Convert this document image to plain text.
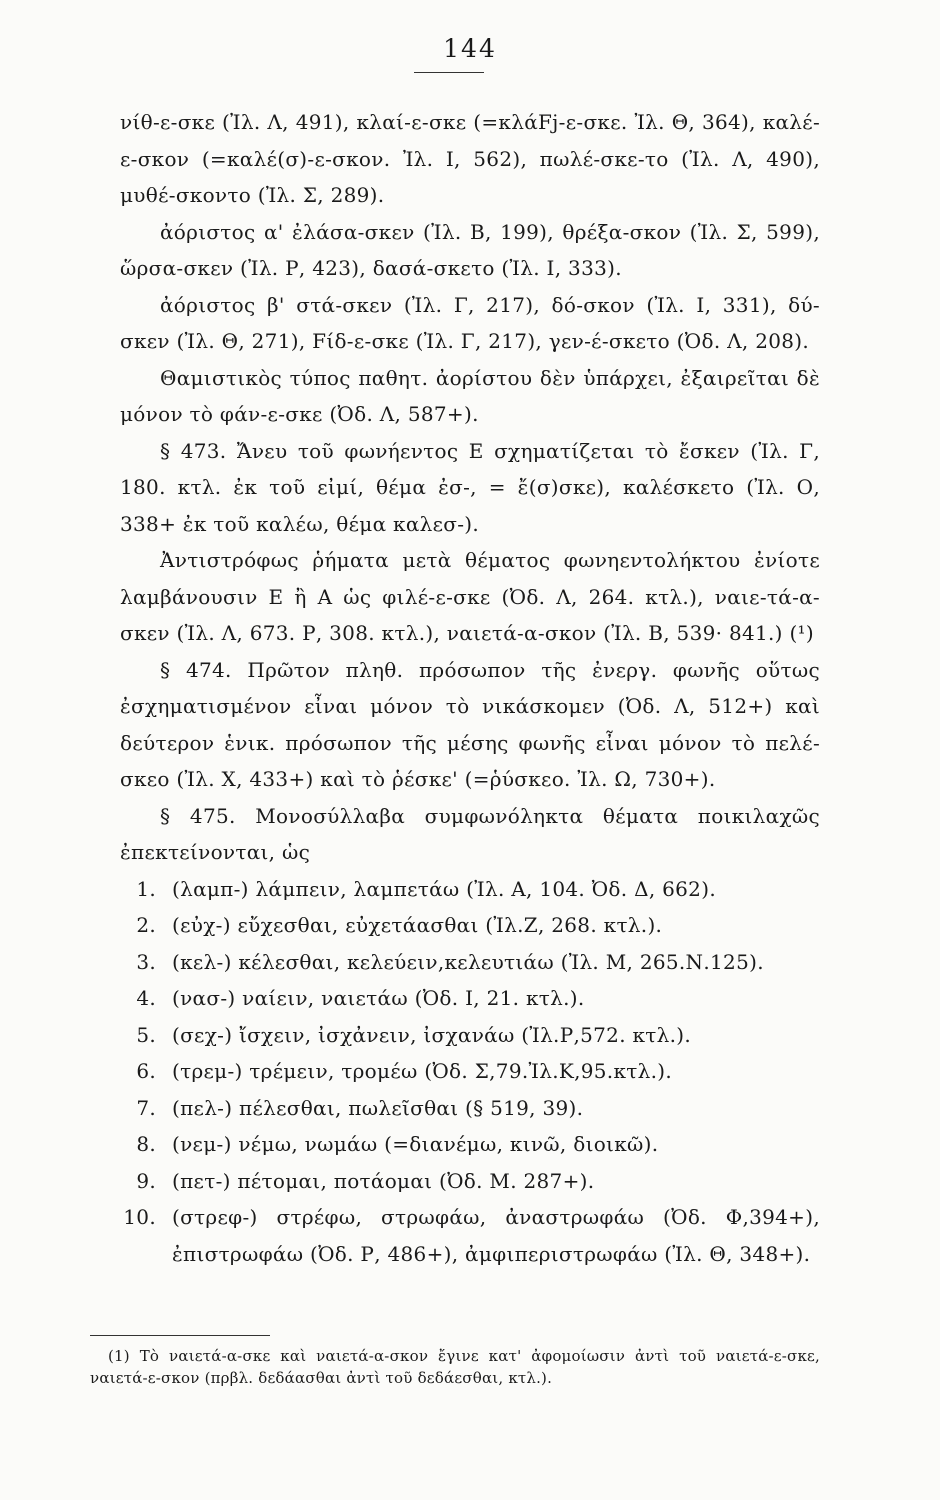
144

νίθ-ε-σκε (Ἰλ. Λ, 491), κλαί-ε-σκε (=κλάFj-ε-σκε. Ἰλ. Θ, 364), καλέ-ε-σκον (=καλέ(σ)-ε-σκον. Ἰλ. Ι, 562), πωλέ-σκε-το (Ἰλ. Λ, 490), μυθέ-σκοντο (Ἰλ. Σ, 289).

ἀόριστος α' ἐλάσα-σκεν (Ἰλ. Β, 199), θρέξα-σκον (Ἰλ. Σ, 599), ὥρσα-σκεν (Ἰλ. Ρ, 423), δασά-σκετο (Ἰλ. Ι, 333).

ἀόριστος β' στά-σκεν (Ἰλ. Γ, 217), δό-σκον (Ἰλ. Ι, 331), δύ-σκεν (Ἰλ. Θ, 271), Fίδ-ε-σκε (Ἰλ. Γ, 217), γεν-έ-σκετο (Ὀδ. Λ, 208).

Θαμιστικὸς τύπος παθητ. ἀορίστου δὲν ὑπάρχει, ἐξαιρεῖται δὲ μόνον τὸ φάν-ε-σκε (Ὀδ. Λ, 587+).

§ 473. Ἄνευ τοῦ φωνήεντος Ε σχηματίζεται τὸ ἔσκεν (Ἰλ. Γ, 180. κτλ. ἐκ τοῦ εἰμί, θέμα ἐσ-, = ἔ(σ)σκε), καλέσκετο (Ἰλ. Ο, 338+ ἐκ τοῦ καλέω, θέμα καλεσ-).

Ἀντιστρόφως ῥήματα μετὰ θέματος φωνηεντολήκτου ἐνίοτε λαμβάνουσιν Ε ἢ Α ὡς φιλέ-ε-σκε (Ὀδ. Λ, 264. κτλ.), ναιε-τά-α-σκεν (Ἰλ. Λ, 673. Ρ, 308. κτλ.), ναιετά-α-σκον (Ἰλ. Β, 539· 841.) (¹)

§ 474. Πρῶτον πληθ. πρόσωπον τῆς ἐνεργ. φωνῆς οὕτως ἐσχηματισμένον εἶναι μόνον τὸ νικάσκομεν (Ὀδ. Λ, 512+) καὶ δεύτερον ἑνικ. πρόσωπον τῆς μέσης φωνῆς εἶναι μόνον τὸ πελέ-σκεο (Ἰλ. Χ, 433+) καὶ τὸ ῥέσκε' (=ῥύσκεο. Ἰλ. Ω, 730+).

§ 475. Μονοσύλλαβα συμφωνόληκτα θέματα ποικιλαχῶς ἐπεκτείνονται, ὡς

1. (λαμπ-) λάμπειν, λαμπετάω (Ἰλ. Α, 104. Ὀδ. Δ, 662).
2. (εὐχ-) εὔχεσθαι, εὐχετάασθαι (Ἰλ.Ζ, 268. κτλ.).
3. (κελ-) κέλεσθαι, κελεύειν,κελευτιάω (Ἰλ. Μ, 265.Ν.125).
4. (νασ-) ναίειν, ναιετάω (Ὀδ. Ι, 21. κτλ.).
5. (σεχ-) ἴσχειν, ἰσχἀνειν, ἰσχανάω (Ἰλ.Ρ,572. κτλ.).
6. (τρεμ-) τρέμειν, τρομέω (Ὀδ. Σ,79.Ἰλ.Κ,95.κτλ.).
7. (πελ-) πέλεσθαι, πωλεῖσθαι (§ 519, 39).
8. (νεμ-) νέμω, νωμάω (=διανέμω, κινῶ, διοικῶ).
9. (πετ-) πέτομαι, ποτάομαι (Ὀδ. Μ. 287+).
10. (στρεφ-) στρέφω, στρωφάω, ἀναστρωφάω (Ὀδ. Φ,394+), ἐπιστρωφάω (Ὀδ. Ρ, 486+), ἀμφιπεριστρωφάω (Ἰλ. Θ, 348+).

(1) Τὸ ναιετά-α-σκε καὶ ναιετά-α-σκον ἔγινε κατ' ἀφομοίωσιν ἀντὶ τοῦ ναιετά-ε-σκε, ναιετά-ε-σκον (πρβλ. δεδάασθαι ἀντὶ τοῦ δεδάεσθαι, κτλ.).
